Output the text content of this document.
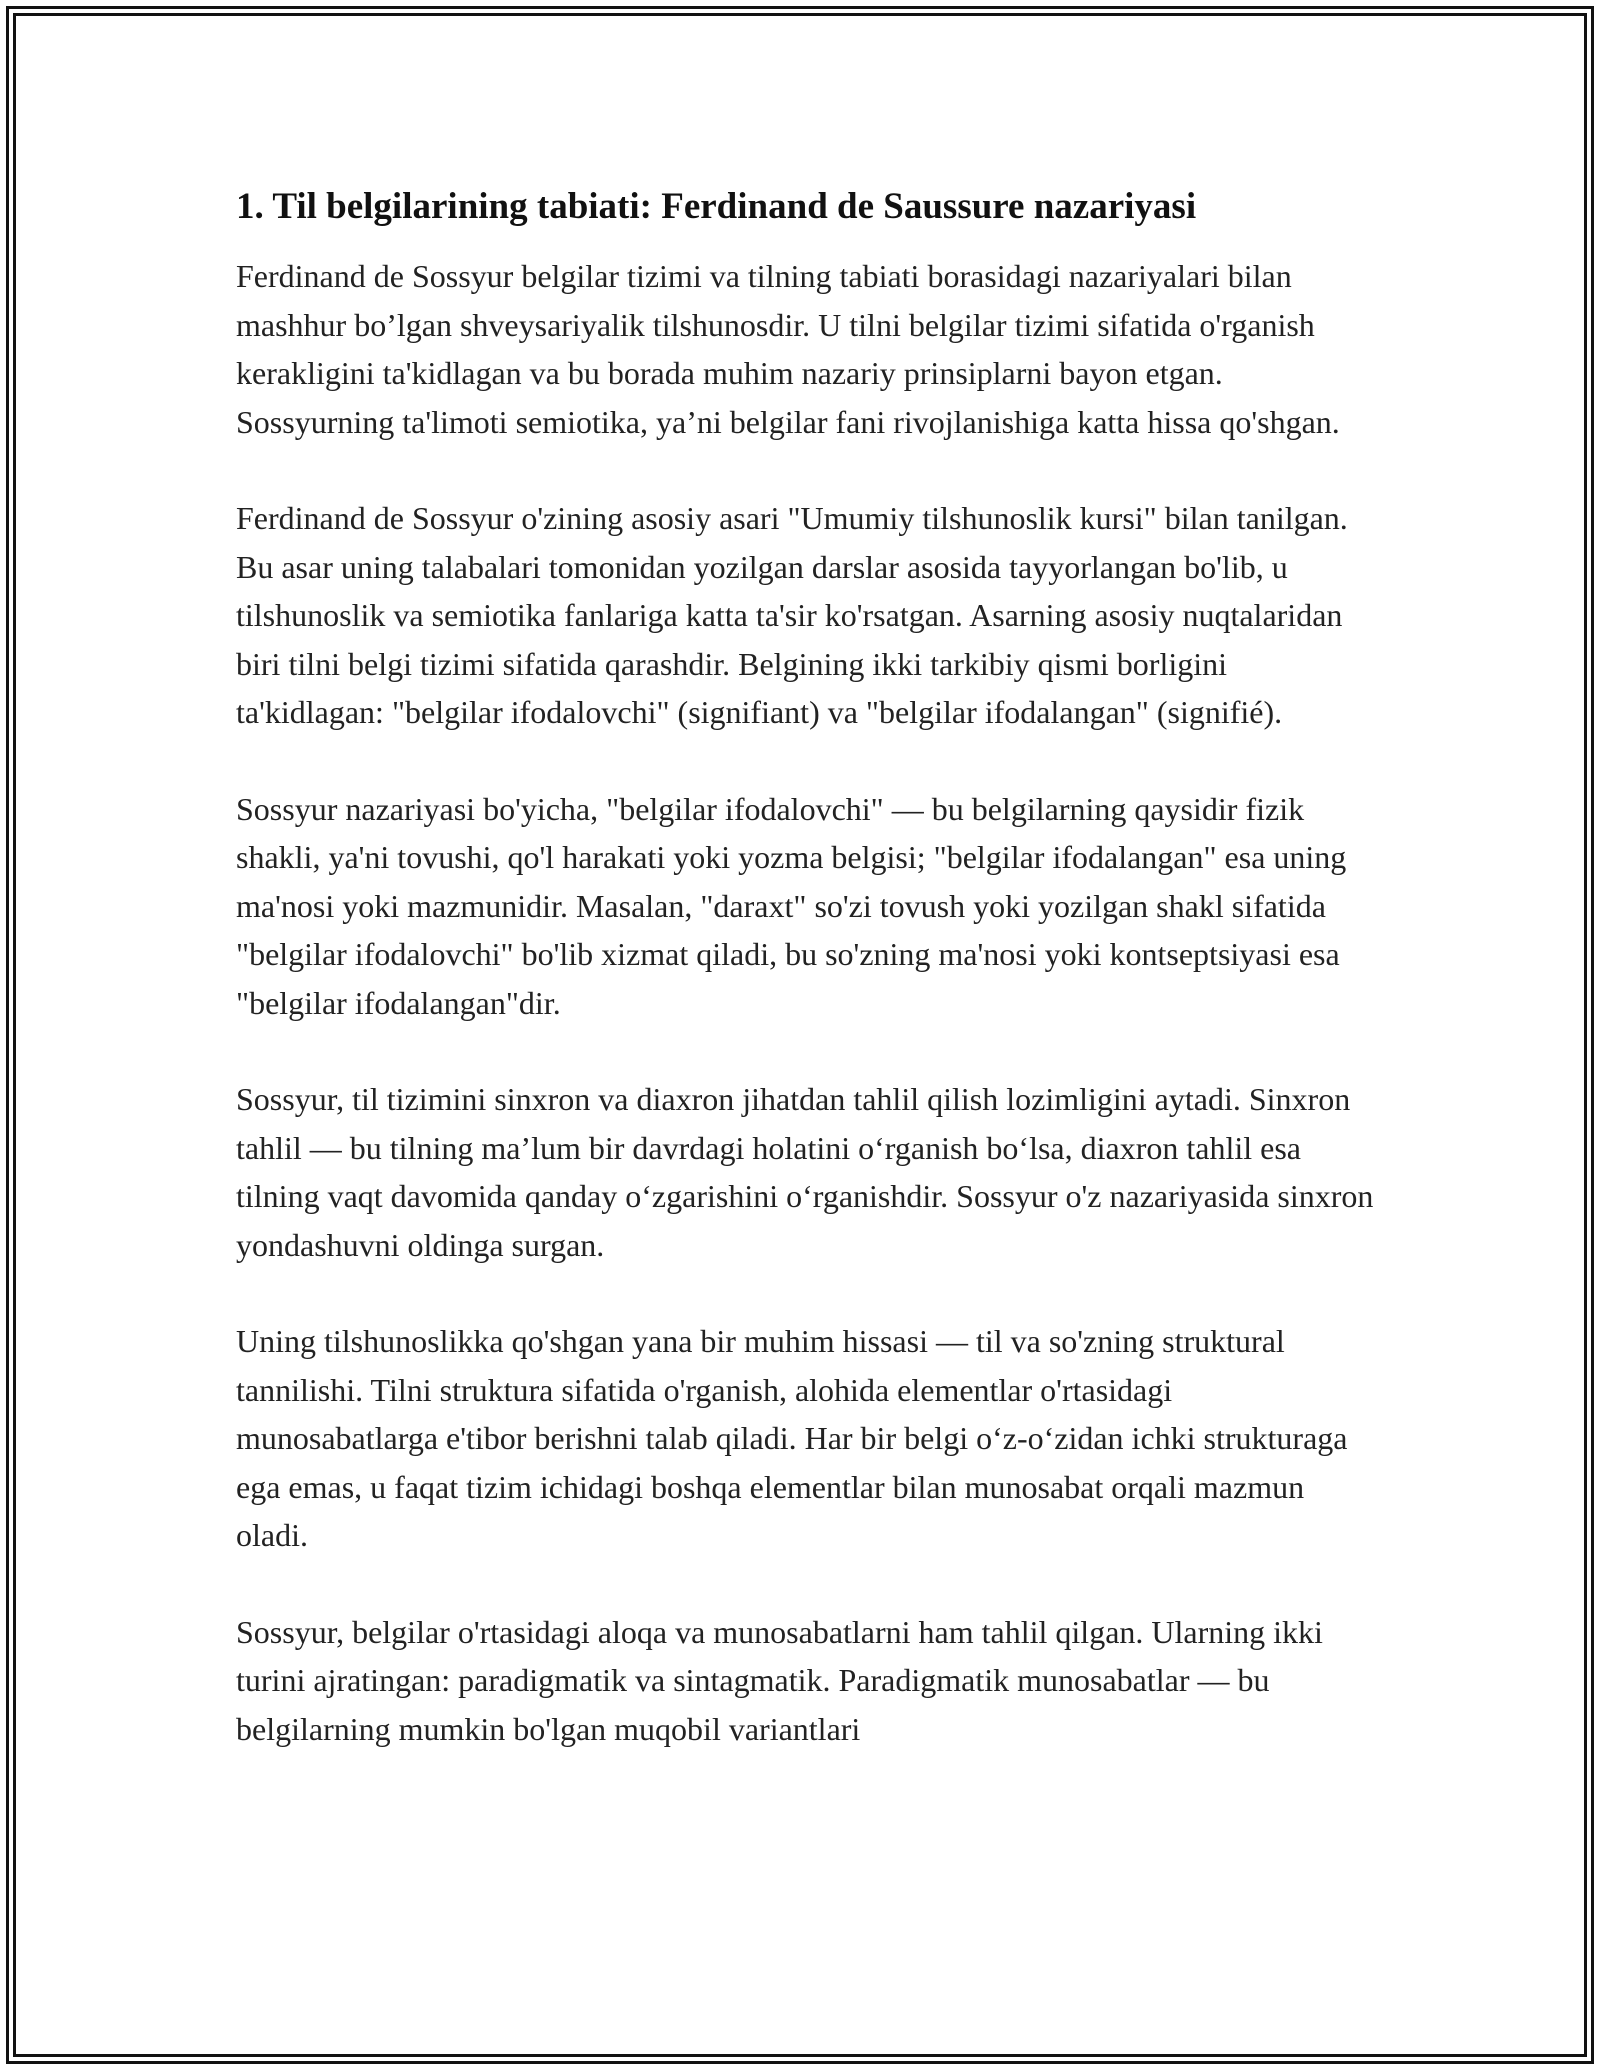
1. Til belgilarining tabiati: Ferdinand de Saussure nazariyasi

Ferdinand de Sossyur belgilar tizimi va tilning tabiati borasidagi nazariyalari bilan mashhur bo’lgan shveysariyalik tilshunosdir. U tilni belgilar tizimi sifatida o'rganish kerakligini ta'kidlagan va bu borada muhim nazariy prinsiplarni bayon etgan. Sossyurning ta'limoti semiotika, ya’ni belgilar fani rivojlanishiga katta hissa qo'shgan.

Ferdinand de Sossyur o'zining asosiy asari "Umumiy tilshunoslik kursi" bilan tanilgan. Bu asar uning talabalari tomonidan yozilgan darslar asosida tayyorlangan bo'lib, u tilshunoslik va semiotika fanlariga katta ta'sir ko'rsatgan. Asarning asosiy nuqtalaridan biri tilni belgi tizimi sifatida qarashdir. Belgining ikki tarkibiy qismi borligini ta'kidlagan: "belgilar ifodalovchi" (signifiant) va "belgilar ifodalangan" (signifié).

Sossyur nazariyasi bo'yicha, "belgilar ifodalovchi" — bu belgilarning qaysidir fizik shakli, ya'ni tovushi, qo'l harakati yoki yozma belgisi; "belgilar ifodalangan" esa uning ma'nosi yoki mazmunidir. Masalan, "daraxt" so'zi tovush yoki yozilgan shakl sifatida "belgilar ifodalovchi" bo'lib xizmat qiladi, bu so'zning ma'nosi yoki kontseptsiyasi esa "belgilar ifodalangan"dir.

Sossyur, til tizimini sinxron va diaxron jihatdan tahlil qilish lozimligini aytadi. Sinxron tahlil — bu tilning ma’lum bir davrdagi holatini o‘rganish bo‘lsa, diaxron tahlil esa tilning vaqt davomida qanday o‘zgarishini o‘rganishdir. Sossyur o'z nazariyasida sinxron yondashuvni oldinga surgan.

Uning tilshunoslikka qo'shgan yana bir muhim hissasi — til va so'zning struktural tannilishi. Tilni struktura sifatida o'rganish, alohida elementlar o'rtasidagi munosabatlarga e'tibor berishni talab qiladi. Har bir belgi o‘z-o‘zidan ichki strukturaga ega emas, u faqat tizim ichidagi boshqa elementlar bilan munosabat orqali mazmun oladi.

Sossyur, belgilar o'rtasidagi aloqa va munosabatlarni ham tahlil qilgan. Ularning ikki turini ajratingan: paradigmatik va sintagmatik. Paradigmatik munosabatlar — bu belgilarning mumkin bo'lgan muqobil variantlari
